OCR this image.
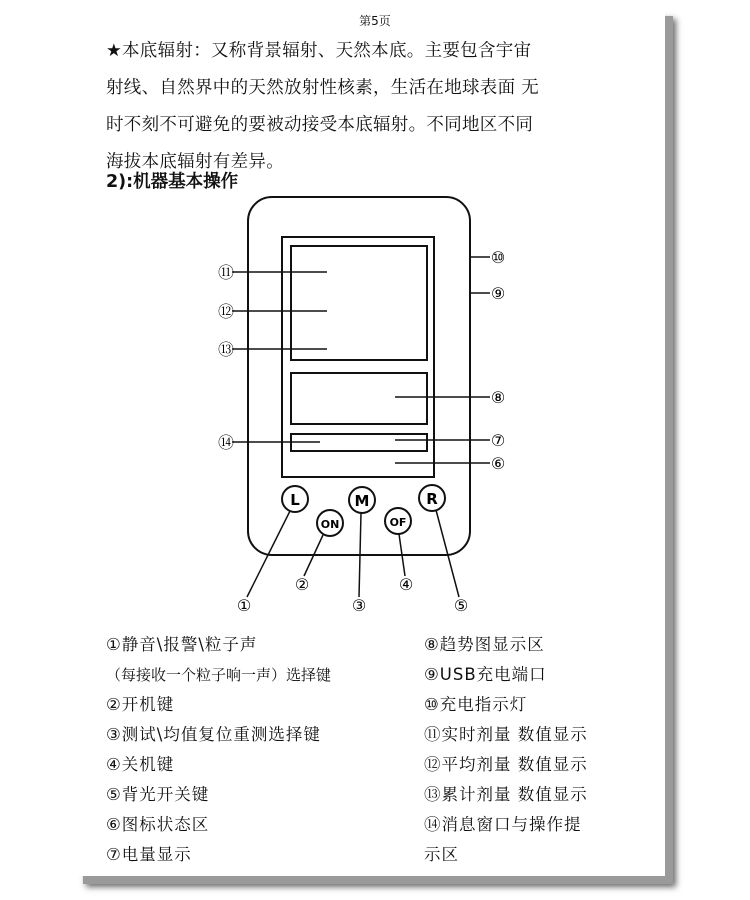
第5页
★本底辐射：又称背景辐射、天然本底。主要包含宇宙
射线、自然界中的天然放射性核素，生活在地球表面 无
时不刻不可避免的要被动接受本底辐射。不同地区不同
海拔本底辐射有差异。
2):机器基本操作
L
ON
M
OF
R
⑪
⑫
⑬
⑭
⑩
⑨
⑧
⑦
⑥
①
②
③
④
⑤
①静音\报警\粒子声
（每接收一个粒子响一声）选择键
②开机键
③测试\均值复位重测选择键
④关机键
⑤背光开关键
⑥图标状态区
⑦电量显示
⑧趋势图显示区
⑨USB充电端口
⑩充电指示灯
⑪实时剂量 数值显示
⑫平均剂量 数值显示
⑬累计剂量 数值显示
⑭消息窗口与操作提
示区
